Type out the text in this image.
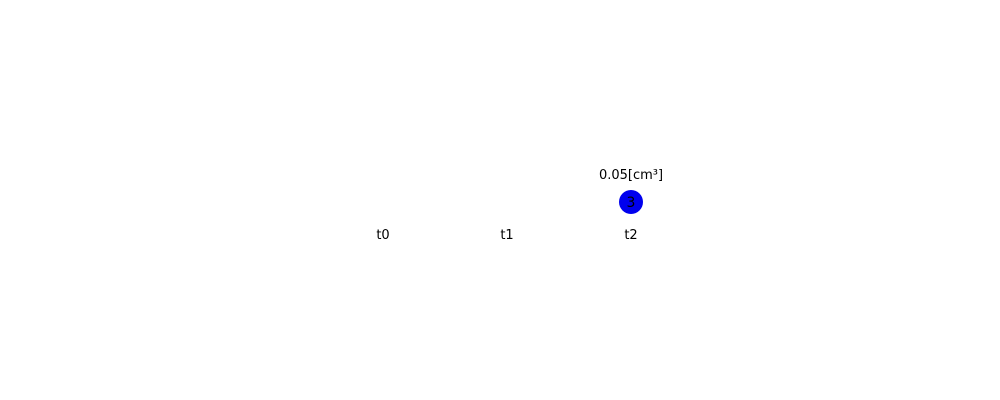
t0	t1	t2
0.05[cm³]
3
